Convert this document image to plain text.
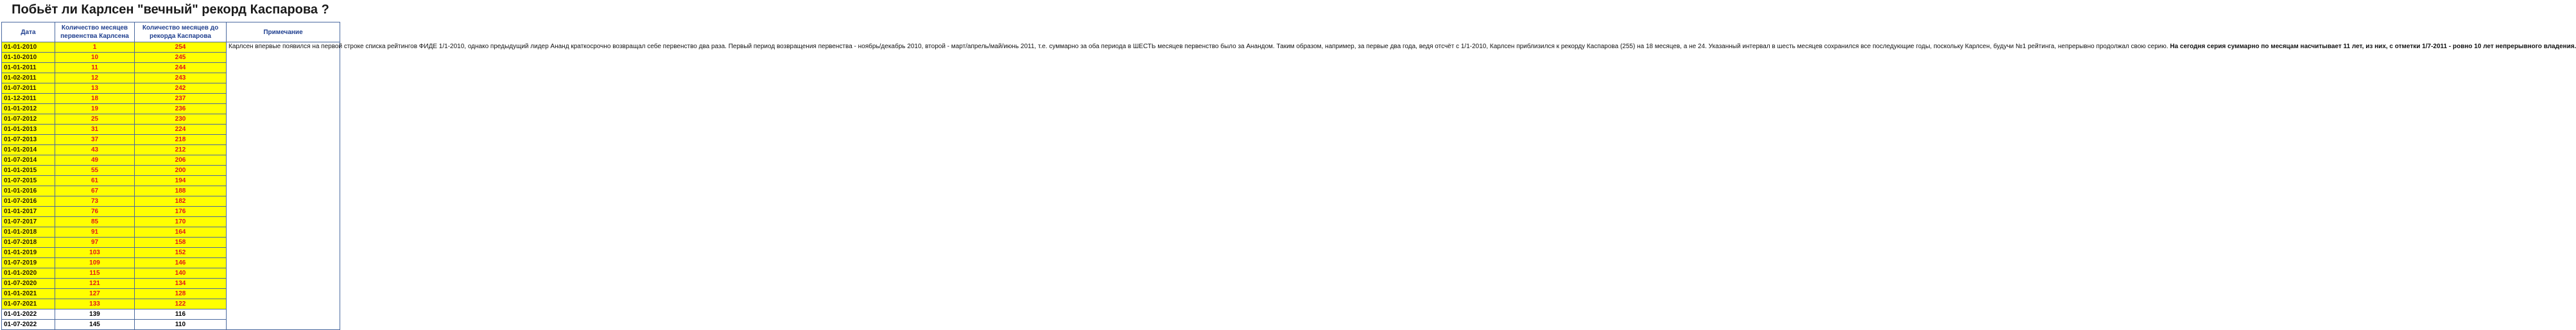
Побьёт ли Карлсен "вечный" рекорд Каспарова ?
Дата	Количество месяцев первенства Карлсена	Количество месяцев до рекорда Каспарова	Примечание
01-01-2010	1	254	Карлсен впервые появился на первой строке списка рейтингов ФИДЕ 1/1-2010, однако предыдущий лидер Ананд краткосрочно возвращал себе первенство два раза. Первый период возвращения первенства - ноябрь/декабрь 2010, второй - март/апрель/май/июнь 2011, т.е. суммарно за оба периода в ШЕСТЬ месяцев первенство было за Анандом. Таким образом, например, за первые два года, ведя отсчёт с 1/1-2010, Карлсен приблизился к рекорду Каспарова (255) на 18 месяцев, а не 24. Указанный интервал в шесть месяцев сохранился все последующие годы, поскольку Карлсен, будучи №1 рейтинга, непрерывно продолжал свою серию. На сегодня серия суммарно по месяцам насчитывает 11 лет, из них, с отметки 1/7-2011 - ровно 10 лет непрерывного владения.
01-10-2010	10	245	
01-01-2011	11	244	
01-02-2011	12	243	
01-07-2011	13	242	
01-12-2011	18	237	
01-01-2012	19	236	
01-07-2012	25	230	
01-01-2013	31	224	
01-07-2013	37	218	
01-01-2014	43	212	
01-07-2014	49	206	
01-01-2015	55	200	
01-07-2015	61	194	
01-01-2016	67	188	
01-07-2016	73	182	
01-01-2017	76	176	
01-07-2017	85	170	
01-01-2018	91	164	
01-07-2018	97	158	
01-01-2019	103	152	
01-07-2019	109	146	
01-01-2020	115	140	
01-07-2020	121	134	
01-01-2021	127	128	
01-07-2021	133	122	
01-01-2022	139	116	
01-07-2022	145	110	
